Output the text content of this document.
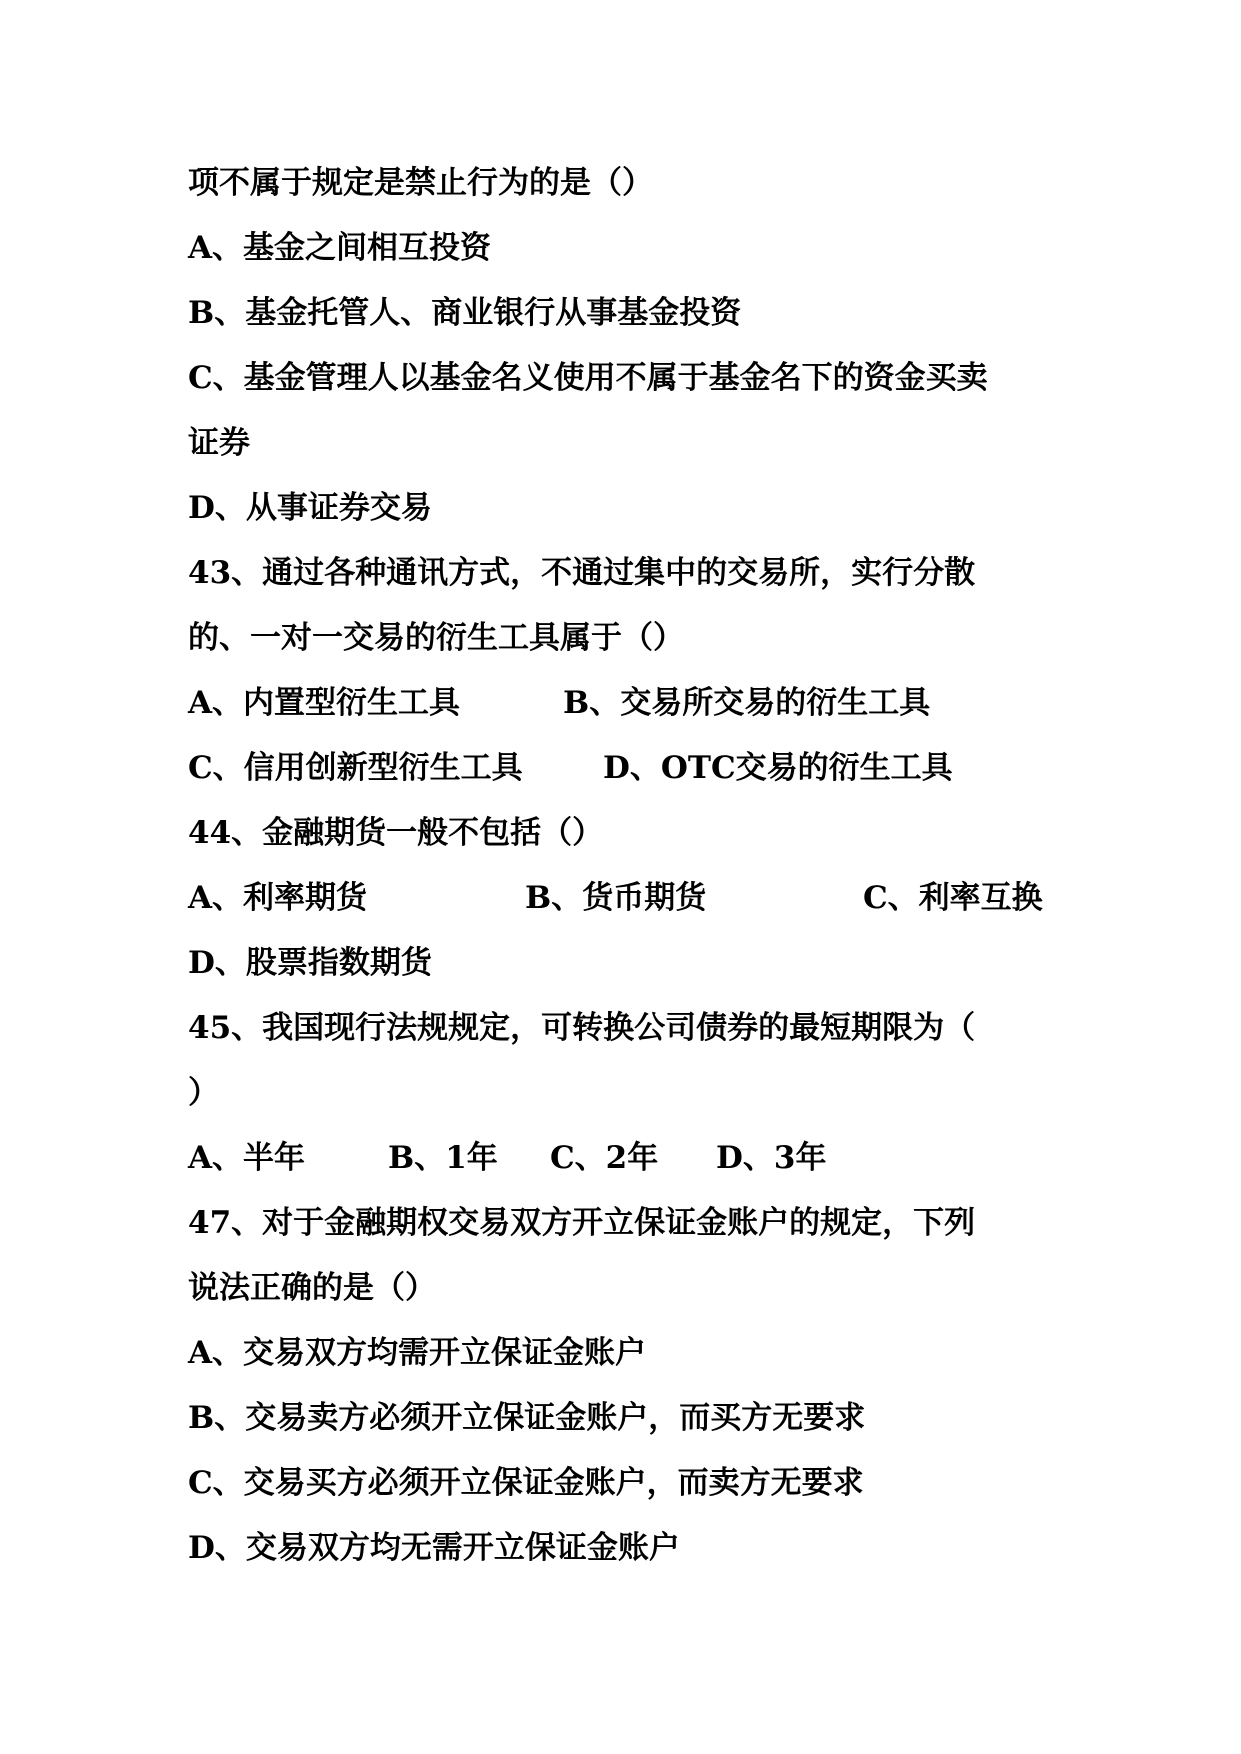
项不属于规定是禁止行为的是（）
A、基金之间相互投资
B、基金托管人、商业银行从事基金投资
C、基金管理人以基金名义使用不属于基金名下的资金买卖
证券
D、从事证券交易
43、通过各种通讯方式，不通过集中的交易所，实行分散
的、一对一交易的衍生工具属于（）
A、内置型衍生工具	B、交易所交易的衍生工具
C、信用创新型衍生工具	D、OTC交易的衍生工具
44、金融期货一般不包括（）
A、利率期货	B、货币期货	C、利率互换
D、股票指数期货
45、我国现行法规规定，可转换公司债券的最短期限为（
）
A、半年	B、1年 C、2年 D、3年
47、对于金融期权交易双方开立保证金账户的规定，下列
说法正确的是（）
A、交易双方均需开立保证金账户
B、交易卖方必须开立保证金账户，而买方无要求
C、交易买方必须开立保证金账户，而卖方无要求
D、交易双方均无需开立保证金账户
